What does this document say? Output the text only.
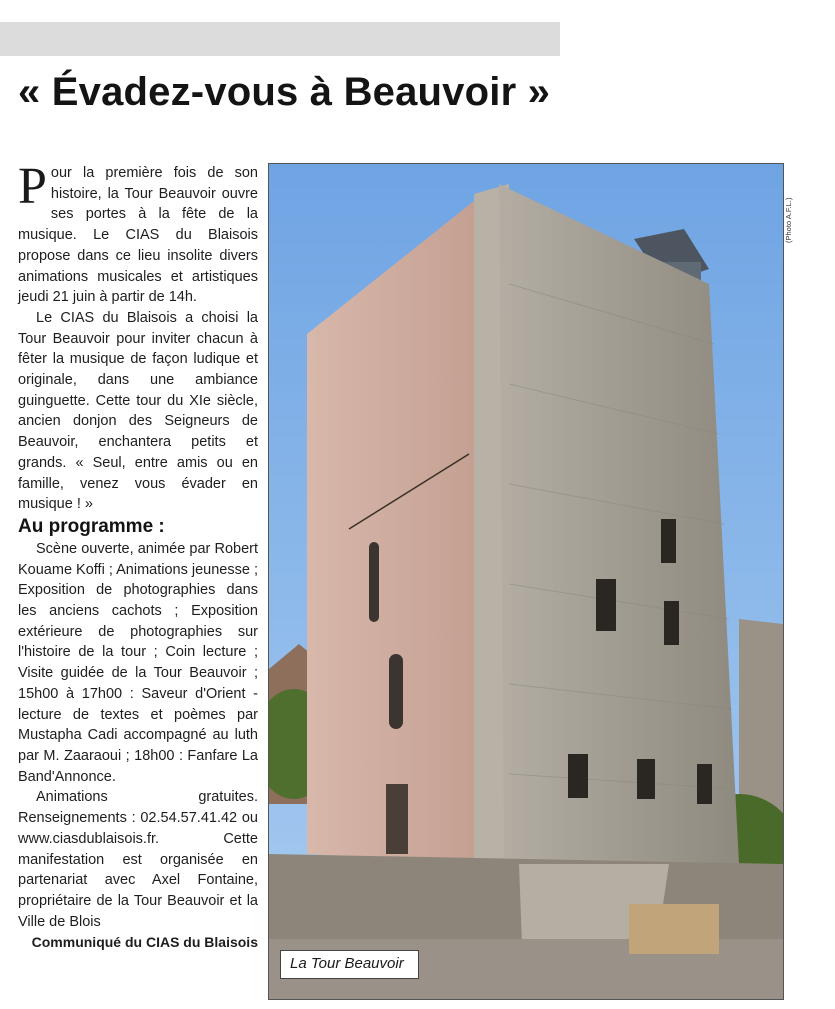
« Évadez-vous à Beauvoir »

Pour la première fois de son histoire, la Tour Beauvoir ouvre ses portes à la fête de la musique. Le CIAS du Blaisois propose dans ce lieu insolite divers animations musicales et artistiques jeudi 21 juin à partir de 14h.

Le CIAS du Blaisois a choisi la Tour Beauvoir pour inviter chacun à fêter la musique de façon ludique et originale, dans une ambiance guinguette. Cette tour du XIe siècle, ancien donjon des Seigneurs de Beauvoir, enchantera petits et grands. « Seul, entre amis ou en famille, venez vous évader en musique ! »

Au programme :

Scène ouverte, animée par Robert Kouame Koffi ; Animations jeunesse ; Exposition de photographies dans les anciens cachots ; Exposition extérieure de photographies sur l'histoire de la tour ; Coin lecture ; Visite guidée de la Tour Beauvoir ; 15h00 à 17h00 : Saveur d'Orient - lecture de textes et poèmes par Mustapha Cadi accompagné au luth par M. Zaaraoui ; 18h00 : Fanfare La Band'Annonce.

Animations gratuites. Renseignements : 02.54.57.41.42 ou www.ciasdublaisois.fr. Cette manifestation est organisée en partenariat avec Axel Fontaine, propriétaire de la Tour Beauvoir et la Ville de Blois

Communiqué du CIAS du Blaisois

(Photo A.F.L.)
La Tour Beauvoir
